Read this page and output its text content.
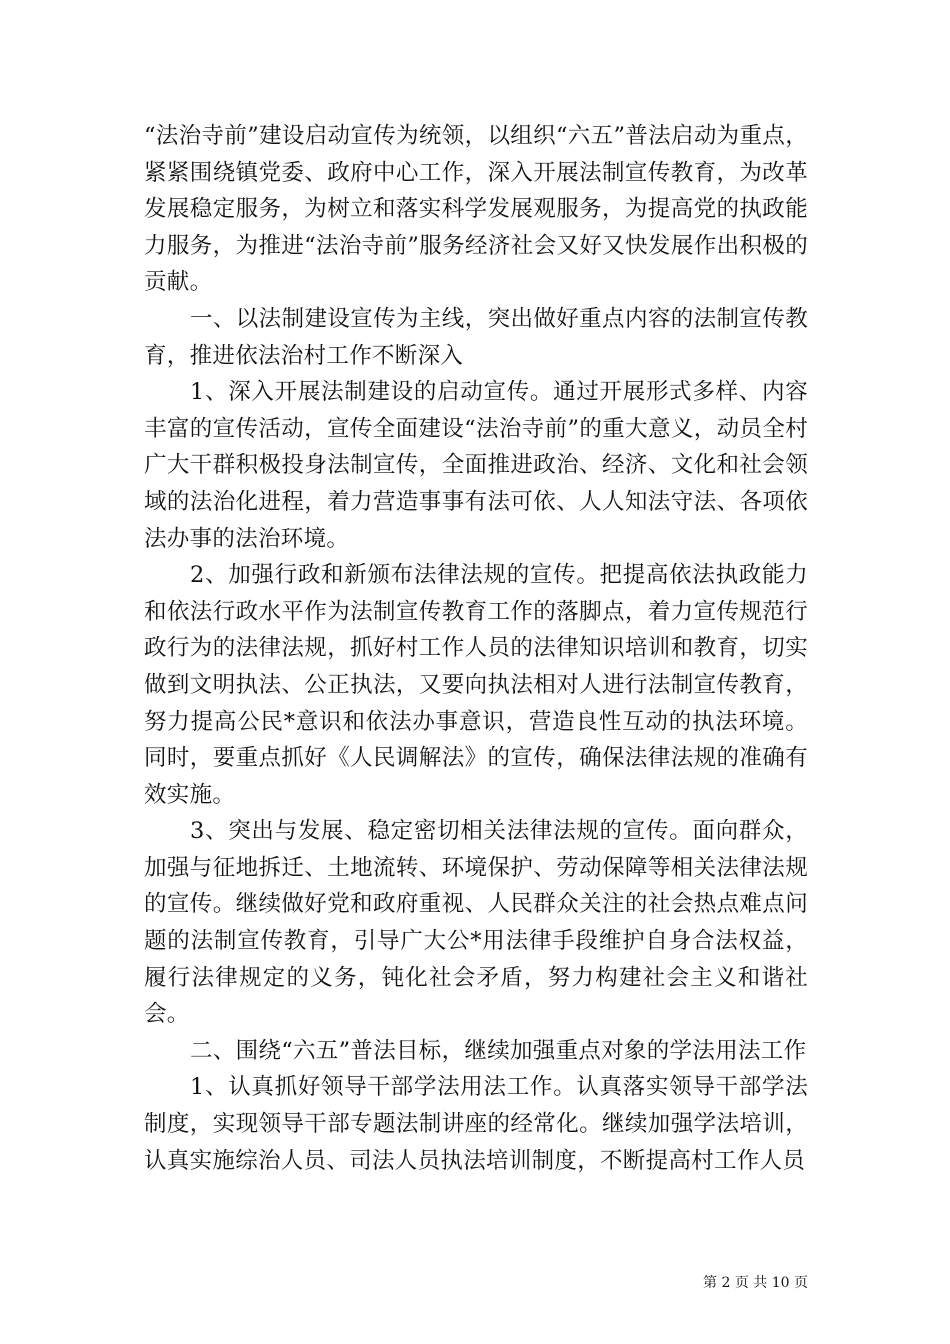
“法治寺前”建设启动宣传为统领，以组织“六五”普法启动为重点，紧紧围绕镇党委、政府中心工作，深入开展法制宣传教育，为改革发展稳定服务，为树立和落实科学发展观服务，为提高党的执政能力服务，为推进“法治寺前”服务经济社会又好又快发展作出积极的贡献。

一、以法制建设宣传为主线，突出做好重点内容的法制宣传教育，推进依法治村工作不断深入

1、深入开展法制建设的启动宣传。通过开展形式多样、内容丰富的宣传活动，宣传全面建设“法治寺前”的重大意义，动员全村广大干群积极投身法制宣传，全面推进政治、经济、文化和社会领域的法治化进程，着力营造事事有法可依、人人知法守法、各项依法办事的法治环境。

2、加强行政和新颁布法律法规的宣传。把提高依法执政能力和依法行政水平作为法制宣传教育工作的落脚点，着力宣传规范行政行为的法律法规，抓好村工作人员的法律知识培训和教育，切实做到文明执法、公正执法，又要向执法相对人进行法制宣传教育，努力提高公民*意识和依法办事意识，营造良性互动的执法环境。同时，要重点抓好《人民调解法》的宣传，确保法律法规的准确有效实施。

3、突出与发展、稳定密切相关法律法规的宣传。面向群众，加强与征地拆迁、土地流转、环境保护、劳动保障等相关法律法规的宣传。继续做好党和政府重视、人民群众关注的社会热点难点问题的法制宣传教育，引导广大公*用法律手段维护自身合法权益，履行法律规定的义务，钝化社会矛盾，努力构建社会主义和谐社会。

二、围绕“六五”普法目标，继续加强重点对象的学法用法工作

1、认真抓好领导干部学法用法工作。认真落实领导干部学法制度，实现领导干部专题法制讲座的经常化。继续加强学法培训，认真实施综治人员、司法人员执法培训制度，不断提高村工作人员

第 2 页 共 10 页
